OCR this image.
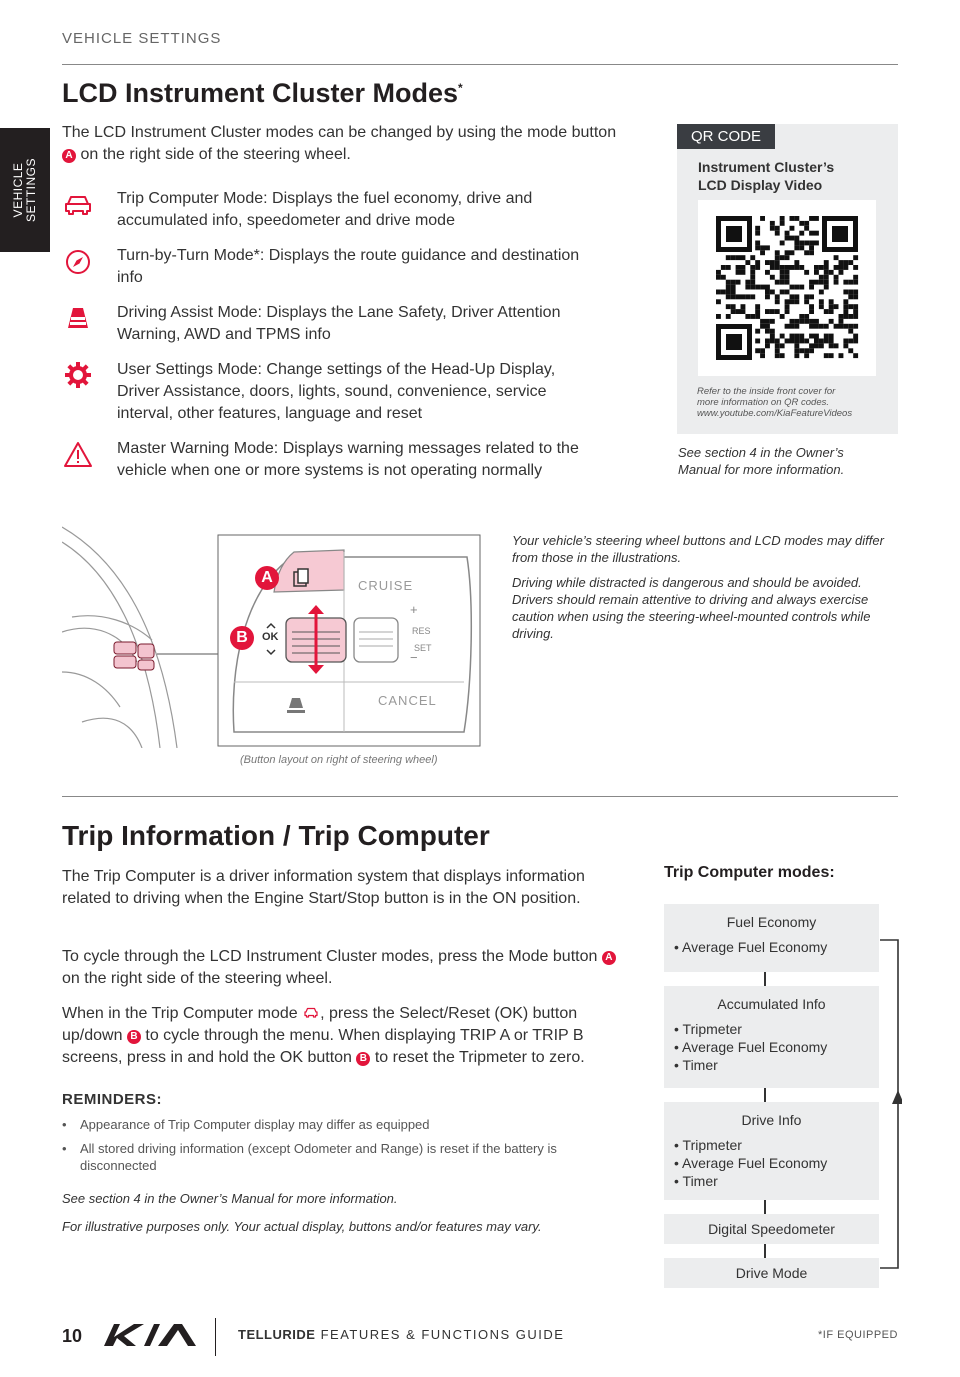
VEHICLE SETTINGS
VEHICLE SETTINGS
LCD Instrument Cluster Modes*
The LCD Instrument Cluster modes can be changed by using the mode button A on the right side of the steering wheel.
Trip Computer Mode: Displays the fuel economy, drive and accumulated info, speedometer and drive mode
Turn-by-Turn Mode*: Displays the route guidance and destination info
Driving Assist Mode: Displays the Lane Safety, Driver Attention Warning, AWD and TPMS info
User Settings Mode: Change settings of the Head-Up Display, Driver Assistance, doors, lights, sound, convenience, service interval, other features, language and reset
Master Warning Mode: Displays warning messages related to the vehicle when one or more systems is not operating normally
QR CODE
Instrument Cluster’s
LCD Display Video
Refer to the inside front cover for
more information on QR codes.
www.youtube.com/KiaFeatureVideos
See section 4 in the Owner’s
Manual for more information.
+
−
A
B
CRUISE
CANCEL
OK	RES
SET
(Button layout on right of steering wheel)
Your vehicle’s steering wheel buttons and LCD modes may differ from those in the illustrations.
Driving while distracted is dangerous and should be avoided. Drivers should remain attentive to driving and always exercise caution when using the steering-wheel-mounted controls while driving.
Trip Information / Trip Computer
The Trip Computer is a driver information system that displays information related to driving when the Engine Start/Stop button is in the ON position.
To cycle through the LCD Instrument Cluster modes, press the Mode button A on the right side of the steering wheel.
When in the Trip Computer mode , press the Select/Reset (OK) button up/down B to cycle through the menu. When displaying TRIP A or TRIP B screens, press in and hold the OK button B to reset the Tripmeter to zero.
REMINDERS:
• Appearance of Trip Computer display may differ as equipped
• All stored driving information (except Odometer and Range) is reset if the battery is disconnected
See section 4 in the Owner’s Manual for more information.
For illustrative purposes only. Your actual display, buttons and/or features may vary.
Trip Computer modes:
Fuel Economy
• Average Fuel Economy
Accumulated Info
• Tripmeter
• Average Fuel Economy
• Timer
Drive Info
• Tripmeter
• Average Fuel Economy
• Timer
Digital Speedometer
Drive Mode
10	TELLURIDE FEATURES & FUNCTIONS GUIDE	*IF EQUIPPED
